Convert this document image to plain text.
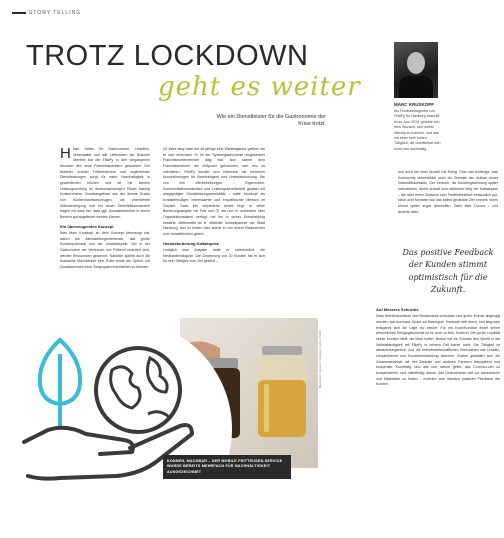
STORY TELLING
TROTZ LOCKDOWN
geht es weiter
Wie ein Dienstleister für die Gastronomie der Krise trotzt.
MARC KRUSKOPF
Als Fundraiseagentur von FillaPy für Hamburg ausreist ist im Juni 2019, gelebte von dem Wunsch, sich selbst ständig zu machen, und das mit einer sehr hohen Tätigkeit, die unmittelbar sich lohnt und nachhaltig.
H inter Zeiten für Gastronomen, Hoteliers, Veranstalter und alle Lieferanten der Branche überlebt hat die FillaPy in den vergangenen Monaten den neue Franchisepartnern gewonnen. Der Anbieter mobiler Frittiereservice und ergänzender Dienstleistungen sorgt für mehr Nachhaltigkeit in gewerblichen Küchen und ist mit seinem Leistungsumfang im deutschsprachigen Raum bislang konkurrenzlos. Zusatzangebote wie der direkte Ersatz von Küchenhandwerkzeugen, die chemiefreie Abflussreinigung und ein neuer Desinfektionsservice fragen mit dass bei, dass ggf. Umsatzeinbußen in einem Bereich gut abgefedert werden können.
Ein überzeugendes Konzept
Was Marc Kruskopf an dem Konzept überzeugt hat, waren die Alleinstellungsmerkmale, das große Kundenpotenzial und der Umweltaspekt. Wo in der Gastronomie der Verbrauch von Frittieröl reduziert wird, werden Ressourcen geschont. Natürlich spielte auch die finanzielle Machbarkeit eine Rolle sowie die Option, mit Zusatzservices neue Zielgruppen erschließen zu können.
20 Jahre lang hatte der 46-jährige eine Werbeagentur geführt, bis er sich entschied: Er ist ein Systemgastronomie eingesetztes Franchiseunternehmen tätig war. Nun sichert dem Franchisenehmer der Zeitpunkt gekommen, sich neu zu orientieren. FillaPy weckte sein Interesse mit mehreren Auszeichnungen für Nachhaltigkeit und Umweltschutzung. Die von ihm Werbetreibungen – Eigenmarke, Kommunikationsstandard und Leistungsbereitschaft gepaart mit ausgeprägter Dienstleistungsmentalität – hatte Kruskopf als kontaktfreudiger, interessierter und empathischer Mensch im Gepäck. Dass ihm körperliche Arbeit liegt, er keine Berührungsängste mit Fett und Öl hat und er außerdem über Organisationstalent verfügt, hat ihn in seiner Entscheidung bestärkt. Mittlerweile ist er offizieller Umweltpartner der Stadt Hamburg, und im letzten Jahr wurde er von einem Radiosender zum Umwelthelden gekürt.
Herausforderung Kaltakquise
Lediglich eine Aufgabe hatte er unterschätzt: die Neukundenakquise. Die Gewinnung von 20 Kunden hat er sich für sein Startjahr zum Ziel gesetzt –
und doch bei einer Anzahl ruft Erfolg. Über das bisherige, was Kommunity unterhaltlich auch die Zentrale den Aufbau neuer Geschäftskontakte. Der Versuch, die Kundengewinnung später fortzusetzen, führte anstatt zum stärkeren Weg der Kaltakquise – die aber einen Zeitraum zum Teufelskreislauf: erstaunlich pur. Nach acht Monaten war das selbst gesteckte Ziel erreicht, einen Monat später sogar übertroffen. Dann kam Corona – und änderte alles.
Das positive Feedback der Kunden stimmt optimistisch für die Zukunft.
Auf Messers Schneide
Dass Betriebskantinen und Restaurants schlossen und große Events abgesagt wurden, war durchaus Grund zur Besorgnis. Kruskopf hielt durch, und lang kam entspannt sich die Lage nur wieder. Für ein Koch/Konditor findet seiner persönlichen Erfolgsgeschichte ist es noch zu früh, findet er. Die große Loyalität seiner Kunden stellt, die lässt hoffen. Bereut hat sie Gründer den Schritt in die Selbstständigkeit mit FillaPy in keinem Fall bisher nicht. Die Tätigkeit ist abwechslungsreich, und die betriebswirtschaftlichen Kennzahlen wie Umsatz, Umsatzbrennt und Kundenentwicklung stimmen. Zudem gestalten sich die Zusammenarbeit mit der Zentrale und anderen Partnern transparent und kooperativ. Kurzfristig sind alle nun darum gefiel, das Corona-Loch zu kompensieren, und mittelfristig darum, das Unternehmen wie vor auszubauen und Mitarbeiter zu finden – motiviert vom überaus positiven Feedback der Kunden.
KONNEN, MACHBAR – DER MOBILE FRITTEUSEN-SERVICE WURDE BEREITS MEHRFACH FÜR NACHHALTIGKEIT AUSGEZEICHNET
Illustration: Rustam, Pixabay | Fotos: FillaPy
